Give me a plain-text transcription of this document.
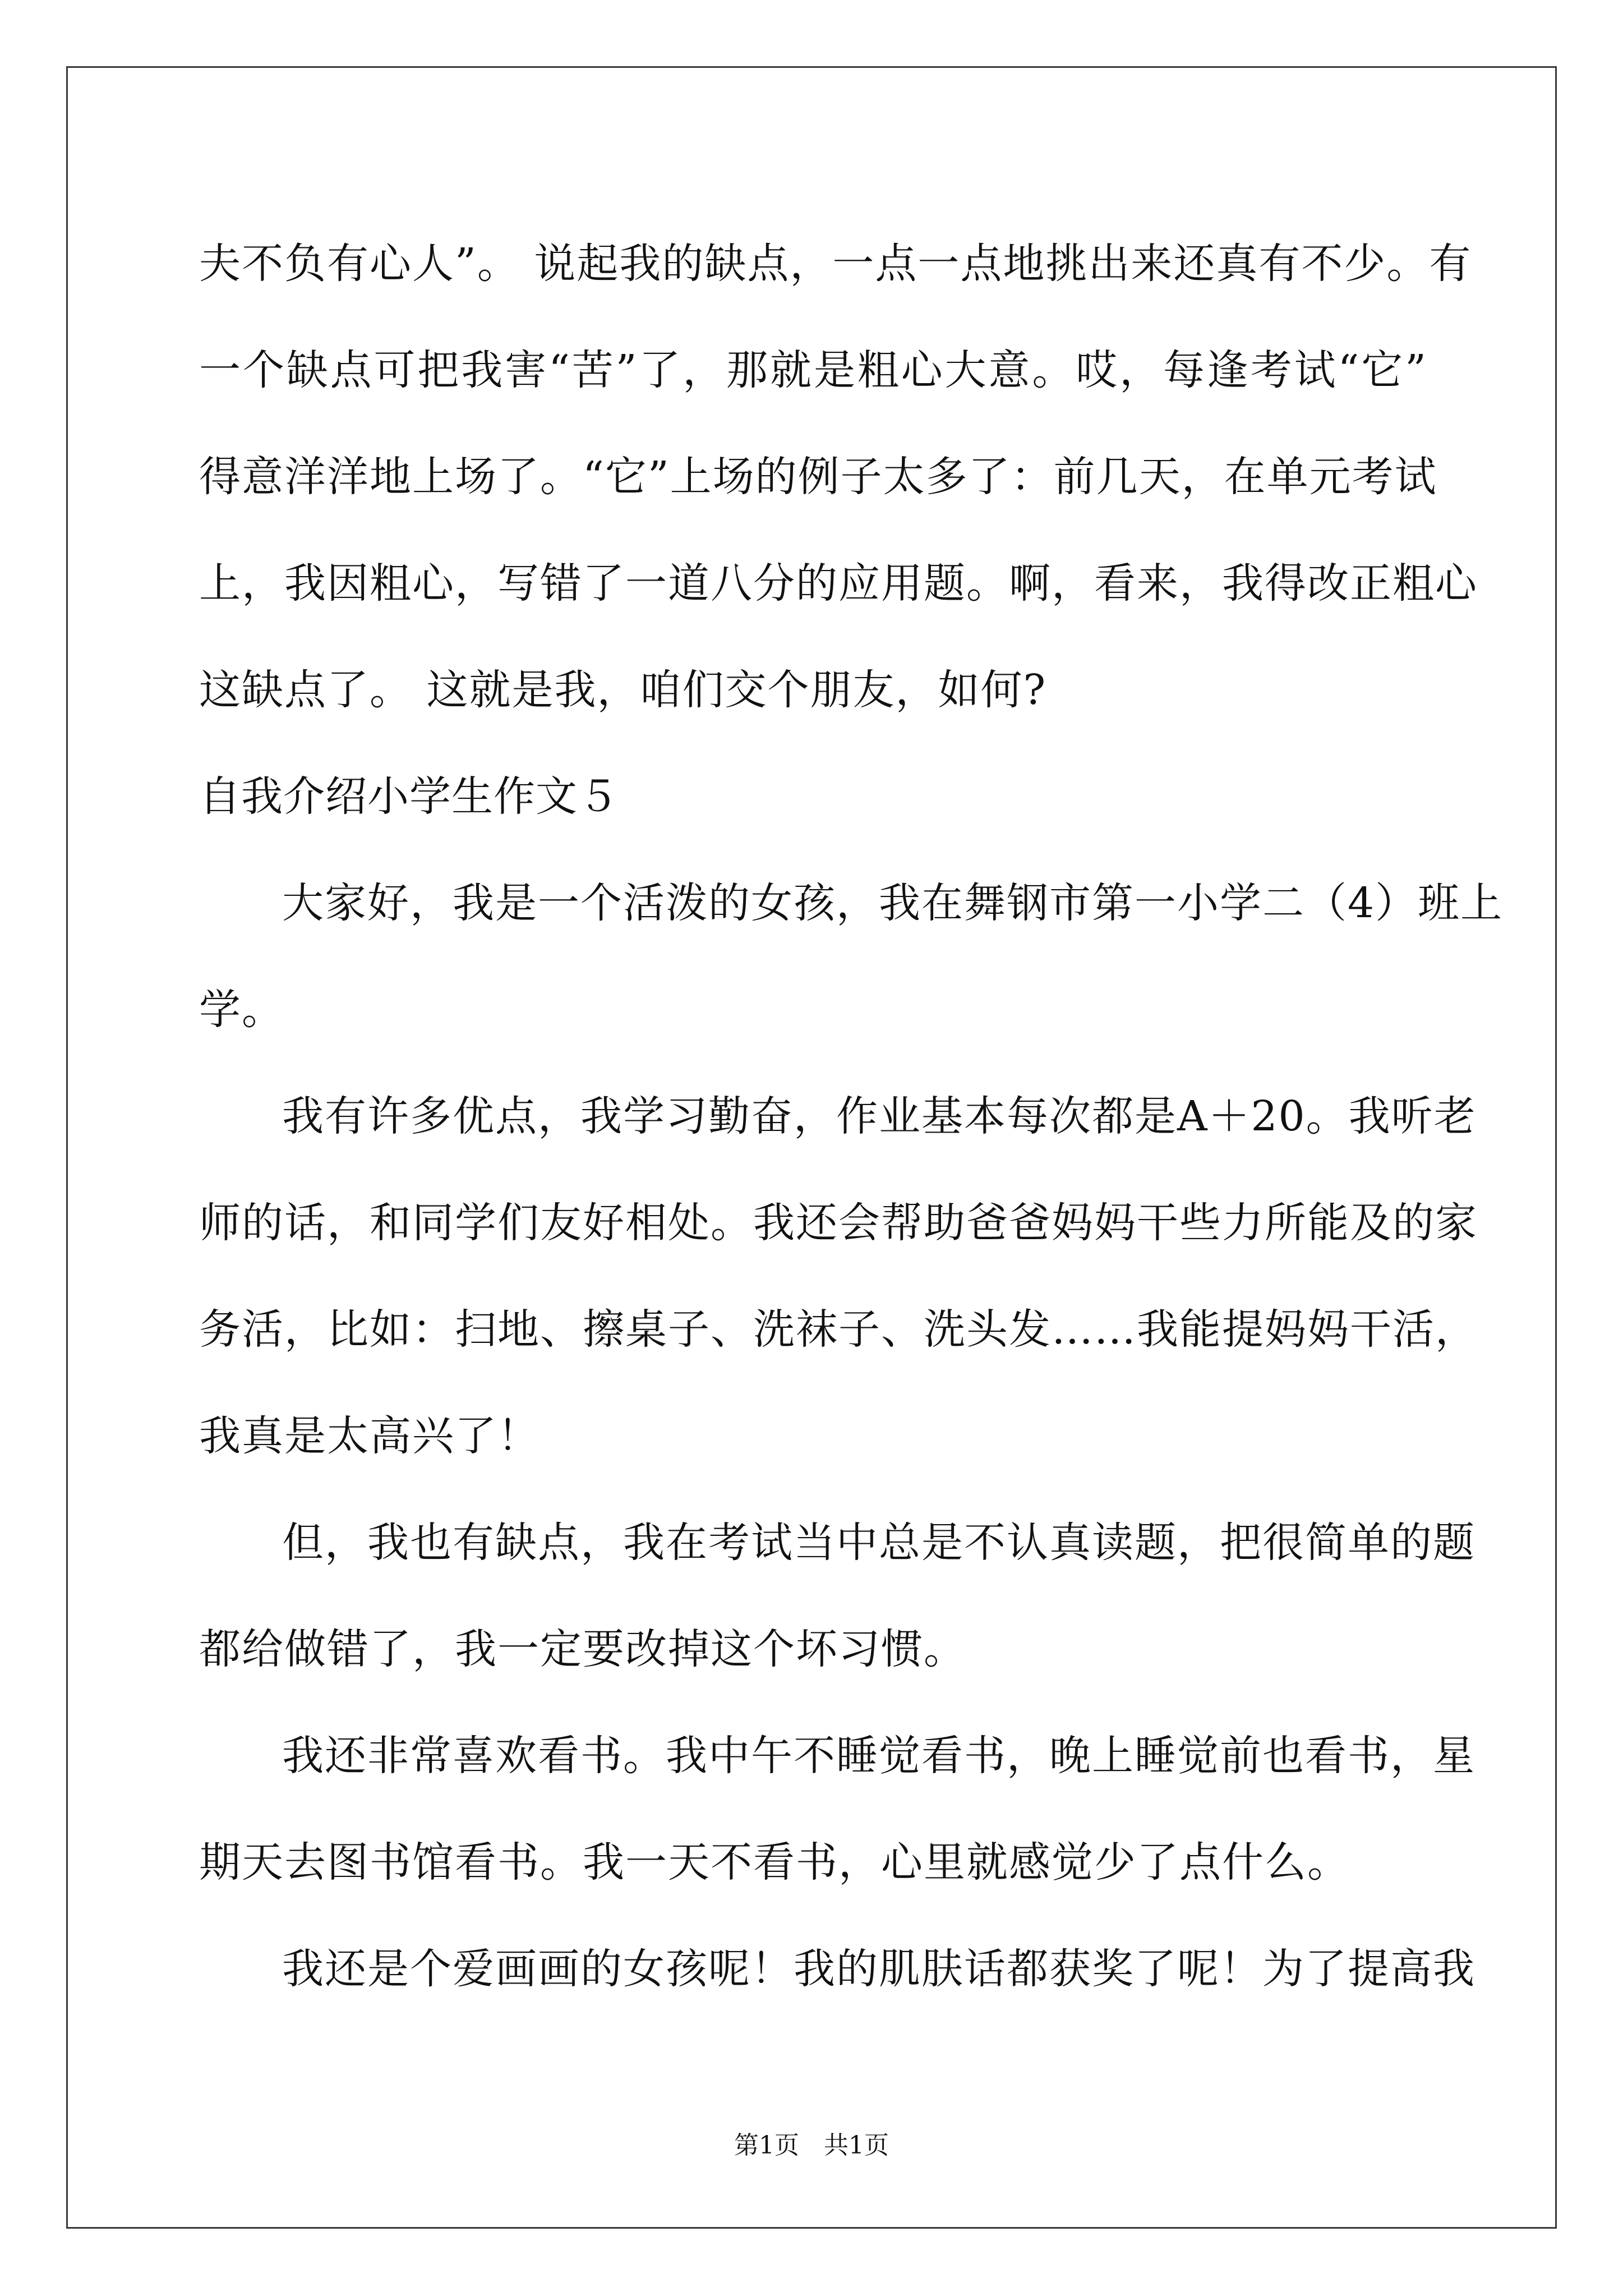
夫不负有心人”。 说起我的缺点，一点一点地挑出来还真有不少。有
一个缺点可把我害“苦”了，那就是粗心大意。哎，每逢考试“它”
得意洋洋地上场了。“它”上场的例子太多了：前几天，在单元考试
上，我因粗心，写错了一道八分的应用题。啊，看来，我得改正粗心
这缺点了。 这就是我，咱们交个朋友，如何?
自我介绍小学生作文５
大家好，我是一个活泼的女孩，我在舞钢市第一小学二（4）班上
学。
我有许多优点，我学习勤奋，作业基本每次都是A＋20。我听老
师的话，和同学们友好相处。我还会帮助爸爸妈妈干些力所能及的家
务活，比如：扫地、擦桌子、洗袜子、洗头发……我能提妈妈干活，
我真是太高兴了！
但，我也有缺点，我在考试当中总是不认真读题，把很简单的题
都给做错了，我一定要改掉这个坏习惯。
我还非常喜欢看书。我中午不睡觉看书，晚上睡觉前也看书，星
期天去图书馆看书。我一天不看书，心里就感觉少了点什么。
我还是个爱画画的女孩呢！我的肌肤话都获奖了呢！为了提高我
第1页　共1页
